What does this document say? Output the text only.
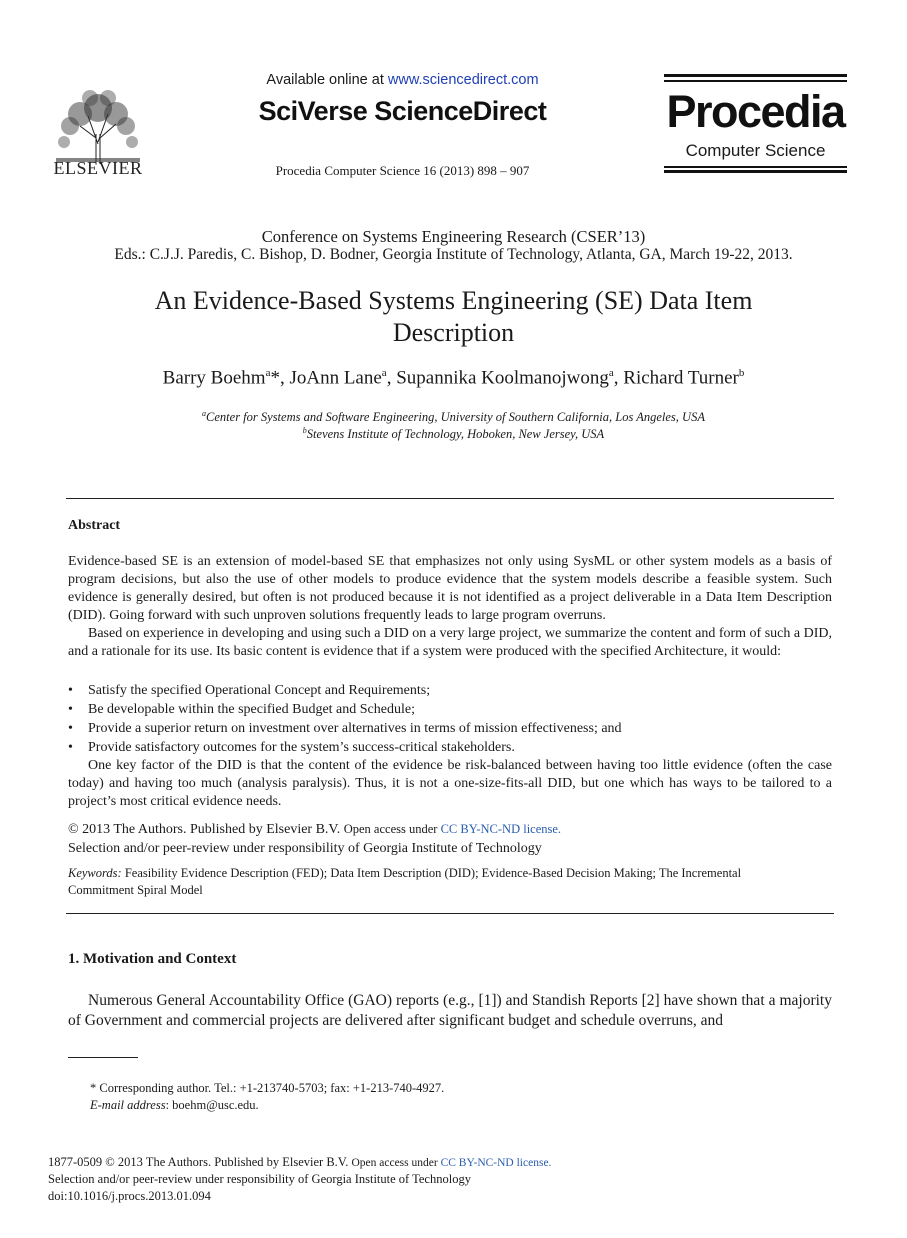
ELSEVIER
Available online at www.sciencedirect.com
SciVerse ScienceDirect
Procedia Computer Science 16 (2013) 898 – 907
Procedia
Computer Science
Conference on Systems Engineering Research (CSER’13)
Eds.: C.J.J. Paredis, C. Bishop, D. Bodner, Georgia Institute of Technology, Atlanta, GA, March 19-22, 2013.
An Evidence-Based Systems Engineering (SE) Data Item
Description
Barry Boehm$^a$*, JoAnn Lane$^a$, Supannika Koolmanojwong$^a$, Richard Turner$^b$
$^a$Center for Systems and Software Engineering, University of Southern California, Los Angeles, USA
$^b$Stevens Institute of Technology, Hoboken, New Jersey, USA
Abstract

Evidence-based SE is an extension of model-based SE that emphasizes not only using SysML or other system models as a basis of program decisions, but also the use of other models to produce evidence that the system models describe a feasible system. Such evidence is generally desired, but often is not produced because it is not identified as a project deliverable in a Data Item Description (DID). Going forward with such unproven solutions frequently leads to large program overruns.

Based on experience in developing and using such a DID on a very large project, we summarize the content and form of such a DID, and a rationale for its use. Its basic content is evidence that if a system were produced with the specified Architecture, it would:

• Satisfy the specified Operational Concept and Requirements;
• Be developable within the specified Budget and Schedule;
• Provide a superior return on investment over alternatives in terms of mission effectiveness; and
• Provide satisfactory outcomes for the system’s success-critical stakeholders.

One key factor of the DID is that the content of the evidence be risk-balanced between having too little evidence (often the case today) and having too much (analysis paralysis). Thus, it is not a one-size-fits-all DID, but one which has ways to be tailored to a project’s most critical evidence needs.

© 2013 The Authors. Published by Elsevier B.V. Open access under CC BY-NC-ND license.
Selection and/or peer-review under responsibility of Georgia Institute of Technology
Keywords: Feasibility Evidence Description (FED); Data Item Description (DID); Evidence-Based Decision Making; The Incremental Commitment Spiral Model
1. Motivation and Context

Numerous General Accountability Office (GAO) reports (e.g., [1]) and Standish Reports [2] have shown that a majority of Government and commercial projects are delivered after significant budget and schedule overruns, and

* Corresponding author. Tel.: +1-213740-5703; fax: +1-213-740-4927.
E-mail address: boehm@usc.edu.
1877-0509 © 2013 The Authors. Published by Elsevier B.V. Open access under CC BY-NC-ND license.
Selection and/or peer-review under responsibility of Georgia Institute of Technology
doi:10.1016/j.procs.2013.01.094
